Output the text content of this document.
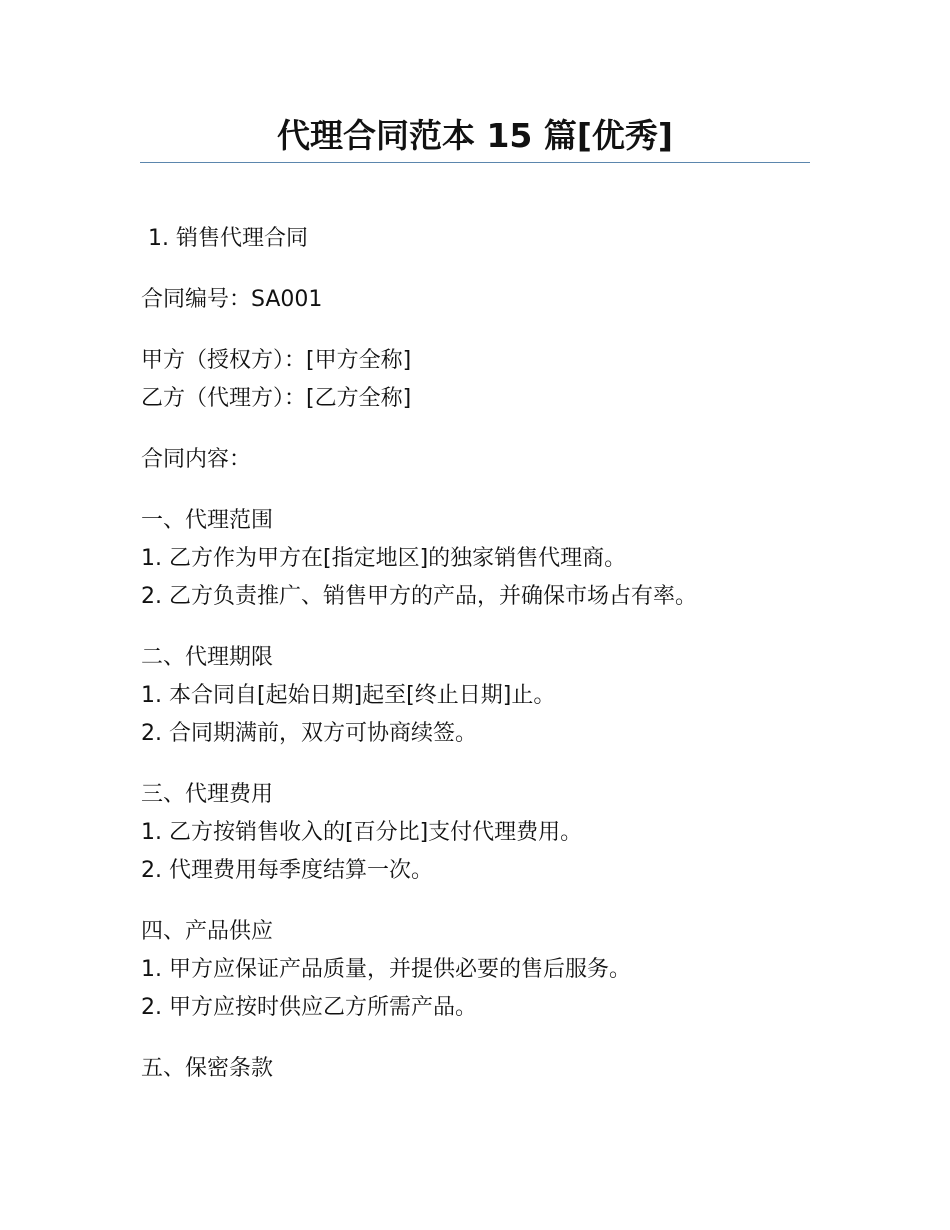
代理合同范本 15 篇[优秀]

1. 销售代理合同

合同编号：SA001

甲方（授权方）：[甲方全称]

乙方（代理方）：[乙方全称]

合同内容：

一、代理范围

1. 乙方作为甲方在[指定地区]的独家销售代理商。

2. 乙方负责推广、销售甲方的产品，并确保市场占有率。

二、代理期限

1. 本合同自[起始日期]起至[终止日期]止。

2. 合同期满前，双方可协商续签。

三、代理费用

1. 乙方按销售收入的[百分比]支付代理费用。

2. 代理费用每季度结算一次。

四、产品供应

1. 甲方应保证产品质量，并提供必要的售后服务。

2. 甲方应按时供应乙方所需产品。

五、保密条款
